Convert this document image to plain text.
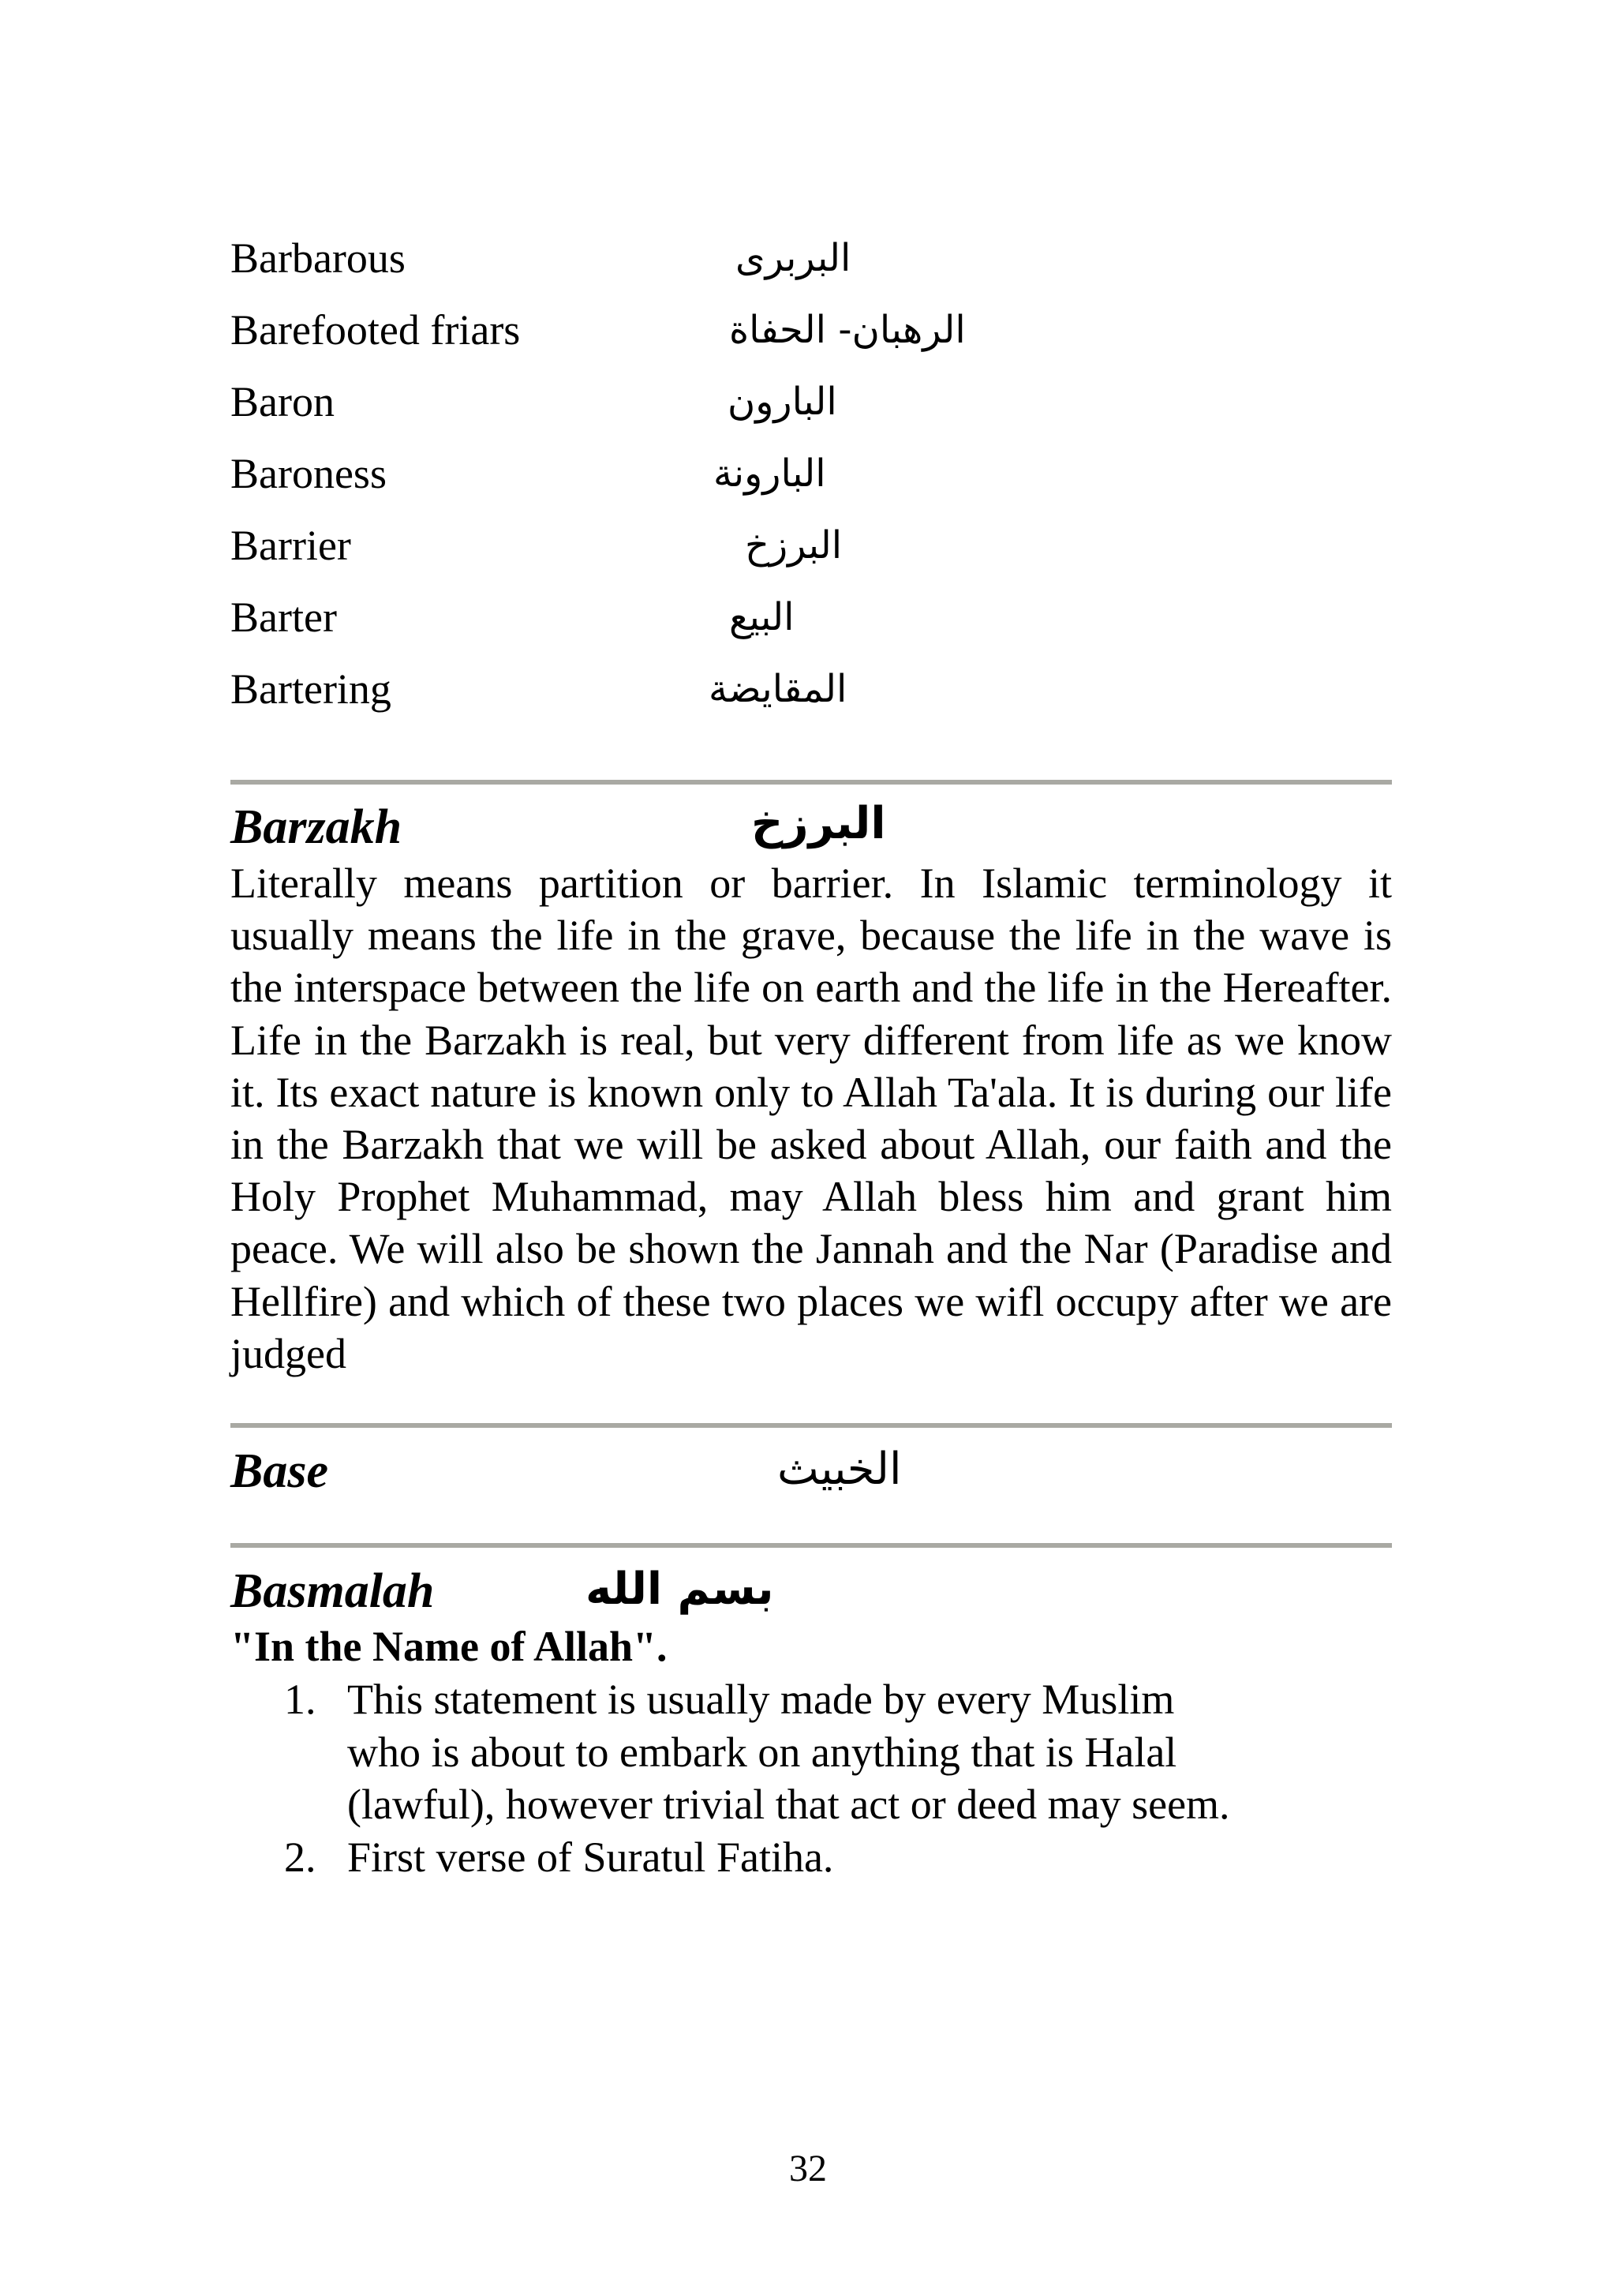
Barbarous	البربرى
Barefooted friars	الرهبان- الحفاة
Baron	البارون
Baroness	البارونة
Barrier	البرزخ
Barter	البيع
Bartering	المقايضة
Barzakh	البرزخ
Literally means partition or barrier. In Islamic terminology it usually means the life in the grave, because the life in the wave is the interspace between the life on earth and the life in the Hereafter. Life in the Barzakh is real, but very different from life as we know it. Its exact nature is known only to Allah Ta'ala. It is during our life in the Barzakh that we will be asked about Allah, our faith and the Holy Prophet Muhammad, may Allah bless him and grant him peace. We will also be shown the Jannah and the Nar (Paradise and Hellfire) and which of these two places we wifl occupy after we are judged
Base	الخبيث
Basmalah	بسم الله
"In the Name of Allah".
1. This statement is usually made by every Muslim who is about to embark on anything that is Halal (lawful), however trivial that act or deed may seem.
2. First verse of Suratul Fatiha.
32
